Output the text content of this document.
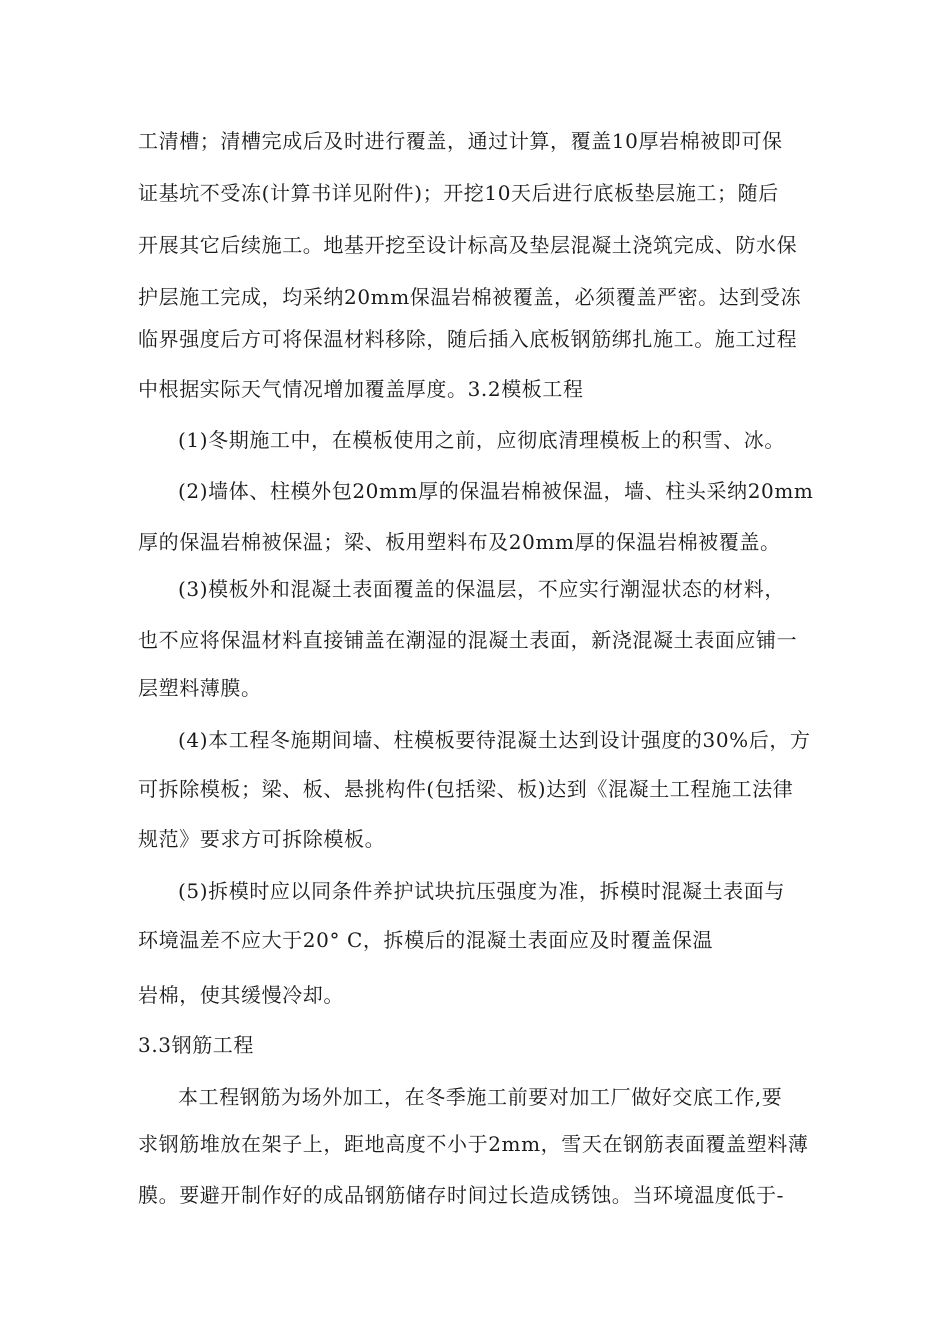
工清槽；清槽完成后及时进行覆盖，通过计算，覆盖10厚岩棉被即可保
证基坑不受冻(计算书详见附件)；开挖10天后进行底板垫层施工；随后
开展其它后续施工。地基开挖至设计标高及垫层混凝土浇筑完成、防水保
护层施工完成，均采纳20mm保温岩棉被覆盖，必须覆盖严密。达到受冻
临界强度后方可将保温材料移除，随后插入底板钢筋绑扎施工。施工过程
中根据实际天气情况增加覆盖厚度。3.2模板工程
(1)冬期施工中，在模板使用之前，应彻底清理模板上的积雪、冰。
(2)墙体、柱模外包20mm厚的保温岩棉被保温，墙、柱头采纳20mm
厚的保温岩棉被保温；梁、板用塑料布及20mm厚的保温岩棉被覆盖。
(3)模板外和混凝土表面覆盖的保温层，不应实行潮湿状态的材料，
也不应将保温材料直接铺盖在潮湿的混凝土表面，新浇混凝土表面应铺一
层塑料薄膜。
(4)本工程冬施期间墙、柱模板要待混凝土达到设计强度的30%后，方
可拆除模板；梁、板、悬挑构件(包括梁、板)达到《混凝土工程施工法律
规范》要求方可拆除模板。
(5)拆模时应以同条件养护试块抗压强度为准，拆模时混凝土表面与
环境温差不应大于20° C，拆模后的混凝土表面应及时覆盖保温
岩棉，使其缓慢冷却。
3.3钢筋工程
本工程钢筋为场外加工，在冬季施工前要对加工厂做好交底工作,要
求钢筋堆放在架子上，距地高度不小于2mm，雪天在钢筋表面覆盖塑料薄
膜。要避开制作好的成品钢筋储存时间过长造成锈蚀。当环境温度低于-
